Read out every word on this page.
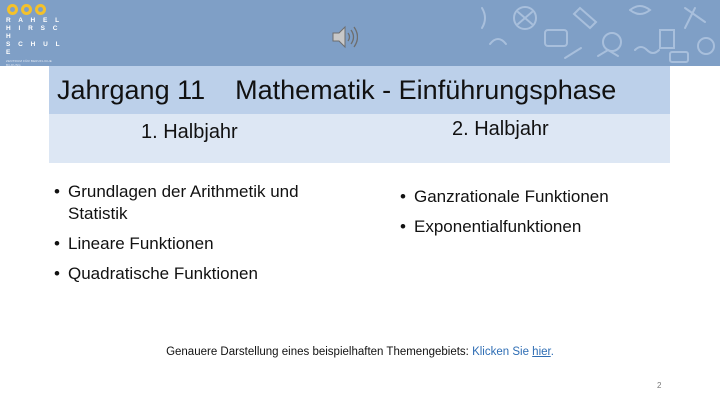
R A H E L
H I R S C H
S C H U L E
ZENTRUM FÜR BERUFLICHE BILDUNG
Jahrgang 11    Mathematik - Einführungsphase
1. Halbjahr	2. Halbjahr
• Grundlagen der Arithmetik und Statistik
• Lineare Funktionen
• Quadratische Funktionen
• Ganzrationale Funktionen
• Exponentialfunktionen
Genauere Darstellung eines beispielhaften Themengebiets: Klicken Sie hier.
2
